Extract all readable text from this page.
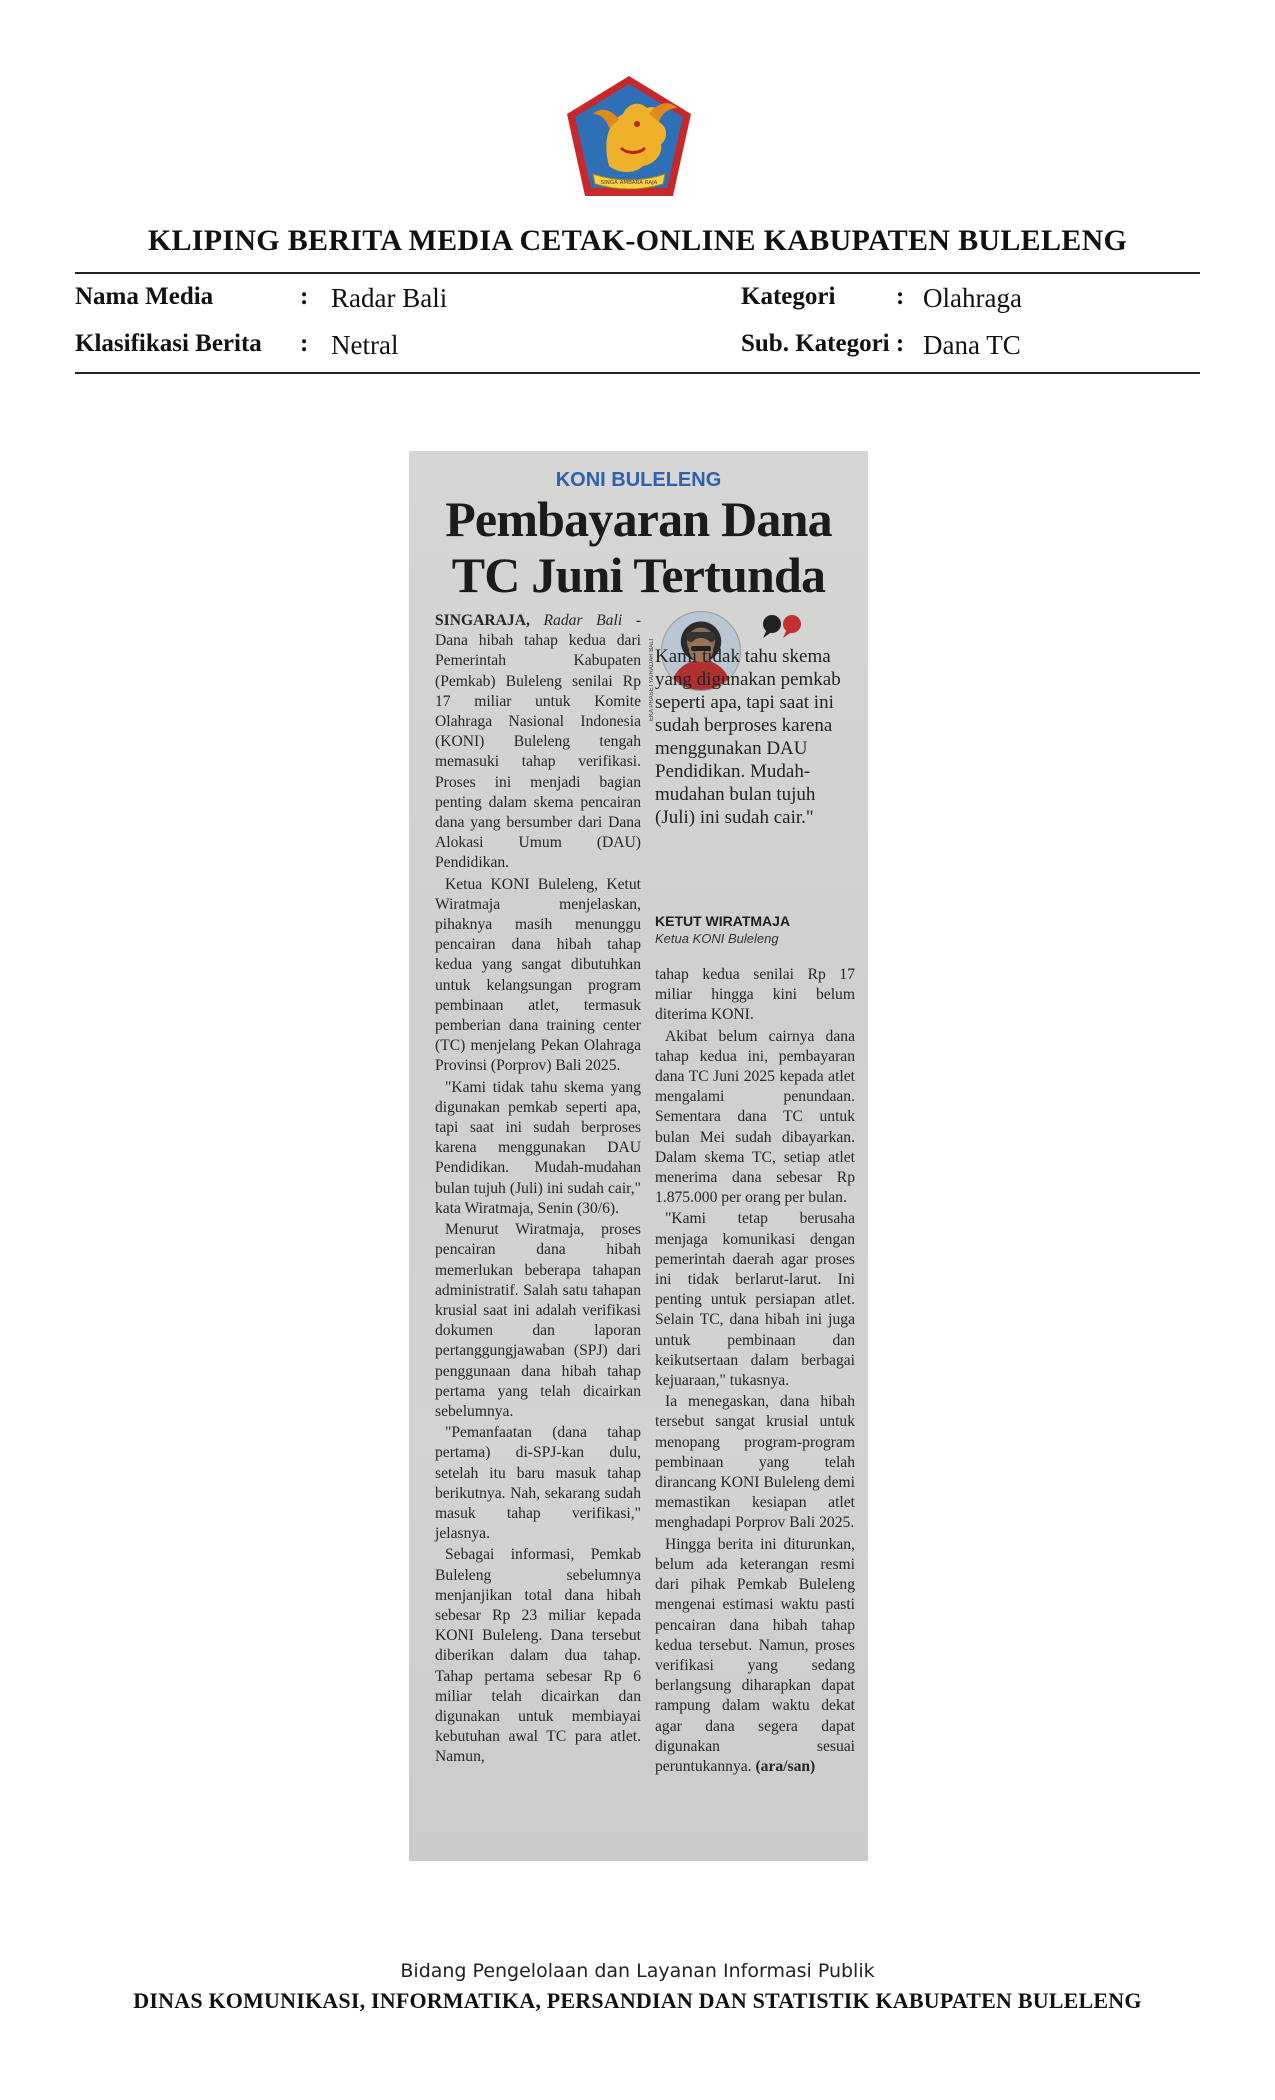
SINGA AMBARA RAJA
KLIPING BERITA MEDIA CETAK-ONLINE KABUPATEN BULELENG
Nama Media	: Radar Bali	Kategori : Olahraga
Klasifikasi Berita : Netral	Sub. Kategori : Dana TC
KONI BULELENG
Pembayaran Dana
TC Juni Tertunda

SINGARAJA, Radar Bali - Dana hibah tahap kedua dari Pemerintah Kabupaten (Pemkab) Buleleng senilai Rp 17 miliar untuk Komite Olahraga Nasional Indonesia (KONI) Buleleng tengah memasuki tahap verifikasi. Proses ini menjadi bagian penting dalam skema pencairan dana yang bersumber dari Dana Alokasi Umum (DAU) Pendidikan.

Ketua KONI Buleleng, Ketut Wiratmaja menjelaskan, pihaknya masih menunggu pencairan dana hibah tahap kedua yang sangat dibutuhkan untuk kelangsungan program pembinaan atlet, termasuk pemberian dana training center (TC) menjelang Pekan Olahraga Provinsi (Porprov) Bali 2025.

"Kami tidak tahu skema yang digunakan pemkab seperti apa, tapi saat ini sudah berproses karena menggunakan DAU Pendidikan. Mudah-mudahan bulan tujuh (Juli) ini sudah cair," kata Wiratmaja, Senin (30/6).

Menurut Wiratmaja, proses pencairan dana hibah memerlukan beberapa tahapan administratif. Salah satu tahapan krusial saat ini adalah verifikasi dokumen dan laporan pertanggungjawaban (SPJ) dari penggunaan dana hibah tahap pertama yang telah dicairkan sebelumnya.

"Pemanfaatan (dana tahap pertama) di-SPJ-kan dulu, setelah itu baru masuk tahap berikutnya. Nah, sekarang sudah masuk tahap verifikasi," jelasnya.

Sebagai informasi, Pemkab Buleleng sebelumnya menjanjikan total dana hibah sebesar Rp 23 miliar kepada KONI Buleleng. Dana tersebut diberikan dalam dua tahap. Tahap pertama sebesar Rp 6 miliar telah dicairkan dan digunakan untuk membiayai kebutuhan awal TC para atlet. Namun,

EKA PRASETYA/RADAR BALI Kami tidak tahu skema yang digunakan pemkab seperti apa, tapi saat ini sudah berproses karena menggunakan DAU Pendidikan. Mudah-mudahan bulan tujuh (Juli) ini sudah cair."
KETUT WIRATMAJA
Ketua KONI Buleleng

tahap kedua senilai Rp 17 miliar hingga kini belum diterima KONI.

Akibat belum cairnya dana tahap kedua ini, pembayaran dana TC Juni 2025 kepada atlet mengalami penundaan. Sementara dana TC untuk bulan Mei sudah dibayarkan. Dalam skema TC, setiap atlet menerima dana sebesar Rp 1.875.000 per orang per bulan.

"Kami tetap berusaha menjaga komunikasi dengan pemerintah daerah agar proses ini tidak berlarut-larut. Ini penting untuk persiapan atlet. Selain TC, dana hibah ini juga untuk pembinaan dan keikutsertaan dalam berbagai kejuaraan," tukasnya.

Ia menegaskan, dana hibah tersebut sangat krusial untuk menopang program-program pembinaan yang telah dirancang KONI Buleleng demi memastikan kesiapan atlet menghadapi Porprov Bali 2025.

Hingga berita ini diturunkan, belum ada keterangan resmi dari pihak Pemkab Buleleng mengenai estimasi waktu pasti pencairan dana hibah tahap kedua tersebut. Namun, proses verifikasi yang sedang berlangsung diharapkan dapat rampung dalam waktu dekat agar dana segera dapat digunakan sesuai peruntukannya. (ara/san)

Bidang Pengelolaan dan Layanan Informasi Publik
DINAS KOMUNIKASI, INFORMATIKA, PERSANDIAN DAN STATISTIK KABUPATEN BULELENG
